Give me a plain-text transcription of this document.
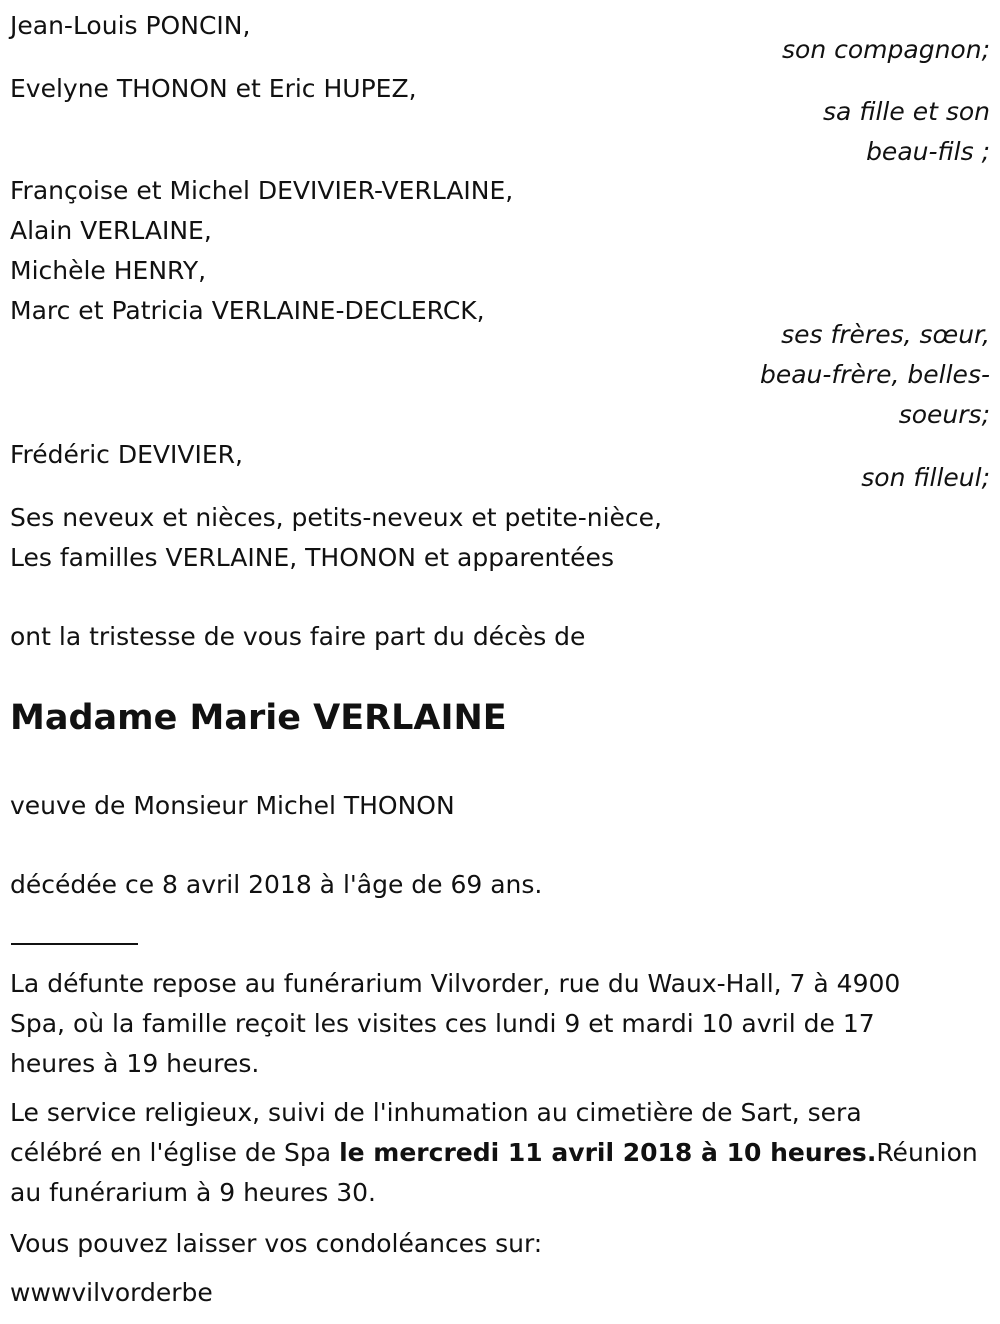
Jean-Louis PONCIN,

son compagnon;

Evelyne THONON et Eric HUPEZ,

sa fille et son

beau-fils ;

Françoise et Michel DEVIVIER-VERLAINE,

Alain VERLAINE,

Michèle HENRY,

Marc et Patricia VERLAINE-DECLERCK,

ses frères, sœur,

beau-frère, belles-

soeurs;

Frédéric DEVIVIER,

son filleul;

Ses neveux et nièces, petits-neveux et petite-nièce,

Les familles VERLAINE, THONON et apparentées

ont la tristesse de vous faire part du décès de

Madame Marie VERLAINE

veuve de Monsieur Michel THONON

décédée ce 8 avril 2018 à l'âge de 69 ans.

La défunte repose au funérarium Vilvorder, rue du Waux-Hall, 7 à 4900

Spa, où la famille reçoit les visites ces lundi 9 et mardi 10 avril de 17

heures à 19 heures.

Le service religieux, suivi de l'inhumation au cimetière de Sart, sera

célébré en l'église de Spa le mercredi 11 avril 2018 à 10 heures.Réunion

au funérarium à 9 heures 30.

Vous pouvez laisser vos condoléances sur:

wwwvilvorderbe
